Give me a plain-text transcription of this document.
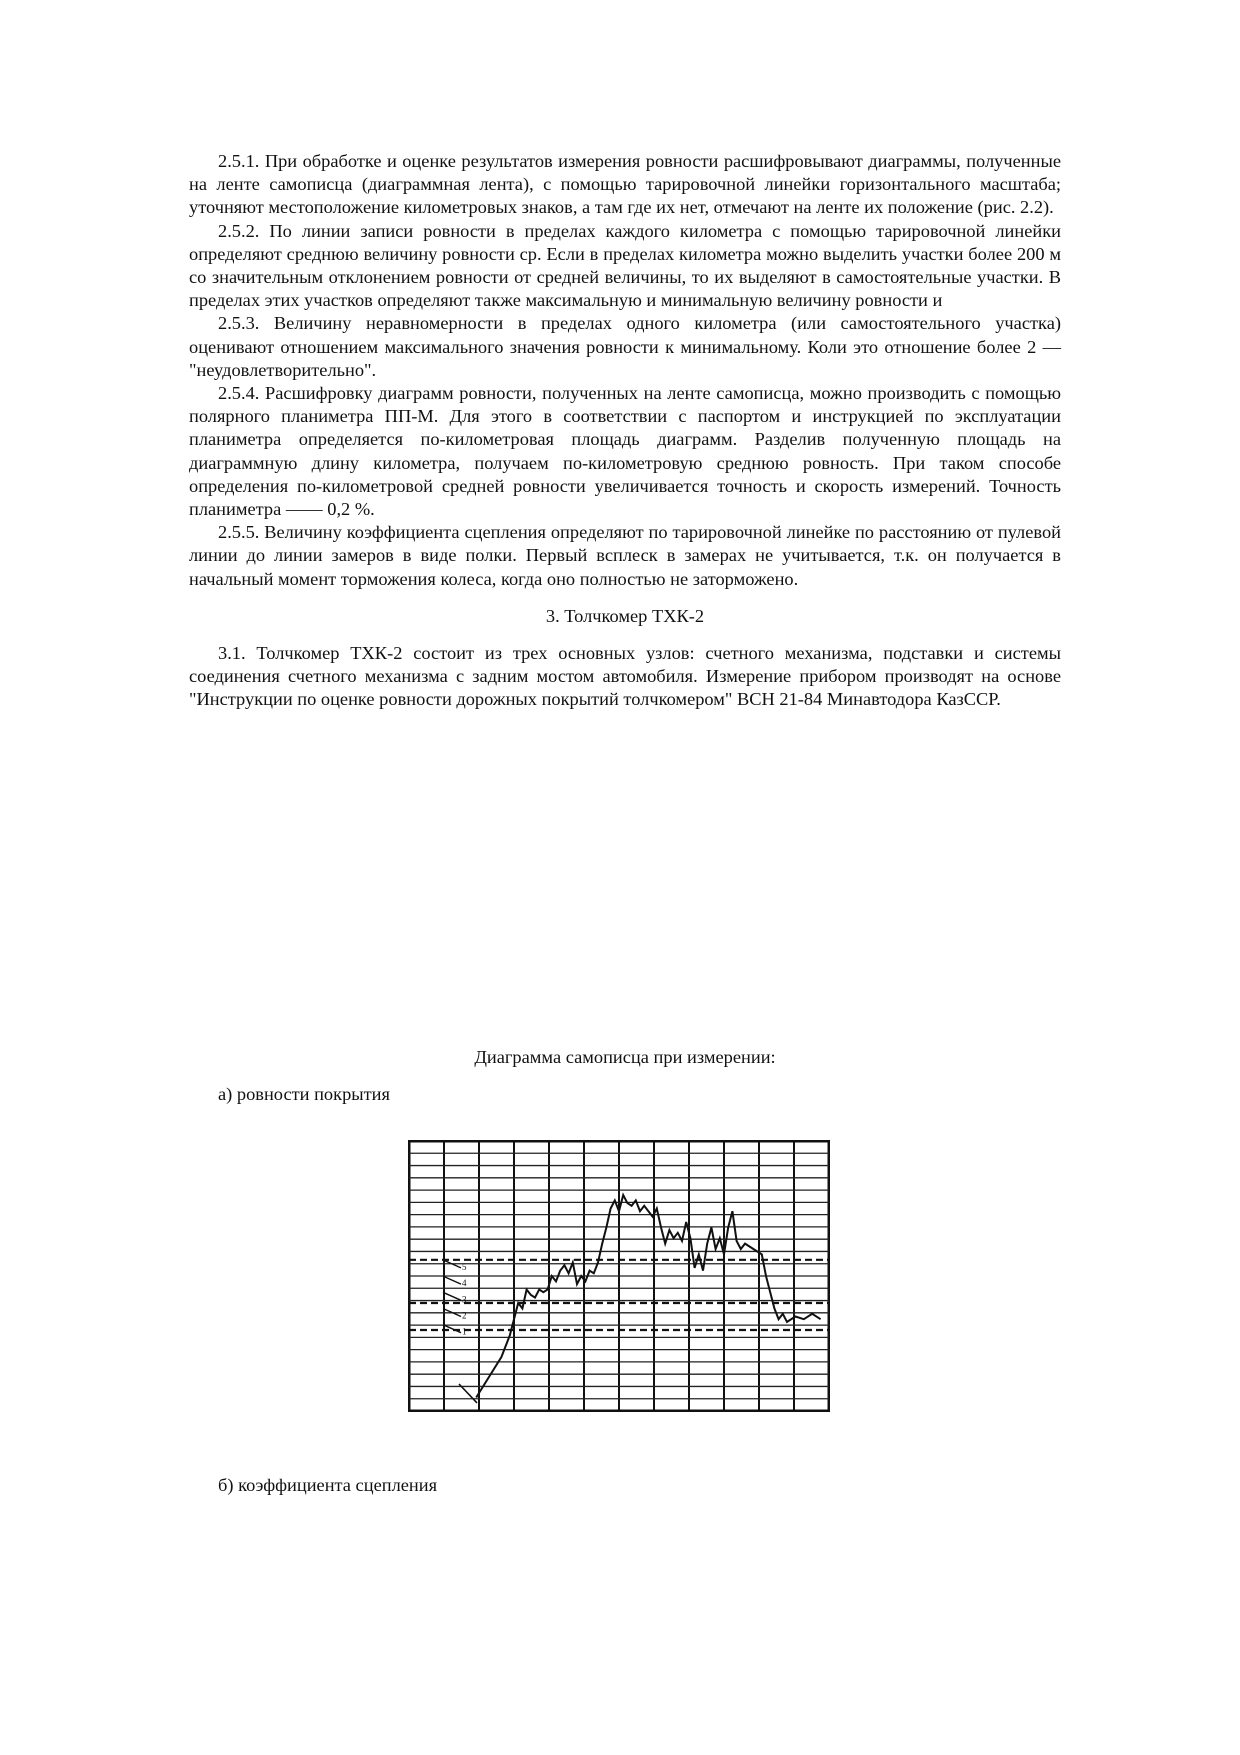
2.5.1. При обработке и оценке результатов измерения ровности расшифровывают диаграммы, полученные на ленте самописца (диаграммная лента), с помощью тарировочной линейки горизонтального масштаба; уточняют местоположение километровых знаков, а там где их нет, отмечают на ленте их положение (рис. 2.2).

2.5.2. По линии записи ровности в пределах каждого километра с помощью тарировочной линейки определяют среднюю величину ровности ср. Если в пределах километра можно выделить участки более 200 м со значительным отклонением ровности от средней величины, то их выделяют в самостоятельные участки. В пределах этих участков определяют также максимальную и минимальную величину ровности и

2.5.3. Величину неравномерности в пределах одного километра (или самостоятельного участка) оценивают отношением максимального значения ровности к минимальному. Коли это отношение более 2 — "неудовлетворительно".

2.5.4. Расшифровку диаграмм ровности, полученных на ленте самописца, можно производить с помощью полярного планиметра ПП-М. Для этого в соответствии с паспортом и инструкцией по эксплуатации планиметра определяется по-километровая площадь диаграмм. Разделив полученную площадь на диаграммную длину километра, получаем по-километровую среднюю ровность. При таком способе определения по-километровой средней ровности увеличивается точность и скорость измерений. Точность планиметра —— 0,2 %.

2.5.5. Величину коэффициента сцепления определяют по тарировочной линейке по расстоянию от пулевой линии до линии замеров в виде полки. Первый всплеск в замерах не учитывается, т.к. он получается в начальный момент торможения колеса, когда оно полностью не заторможено.

3. Толчкомер ТХК-2

3.1. Толчкомер ТХК-2 состоит из трех основных узлов: счетного механизма, подставки и системы соединения счетного механизма с задним мостом автомобиля. Измерение прибором производят на основе "Инструкции по оценке ровности дорожных покрытий толчкомером" ВСН 21-84 Минавтодора КазССР.

Диаграмма самописца при измерении:
а) ровности покрытия
5
4
3
2
1
б) коэффициента сцепления
